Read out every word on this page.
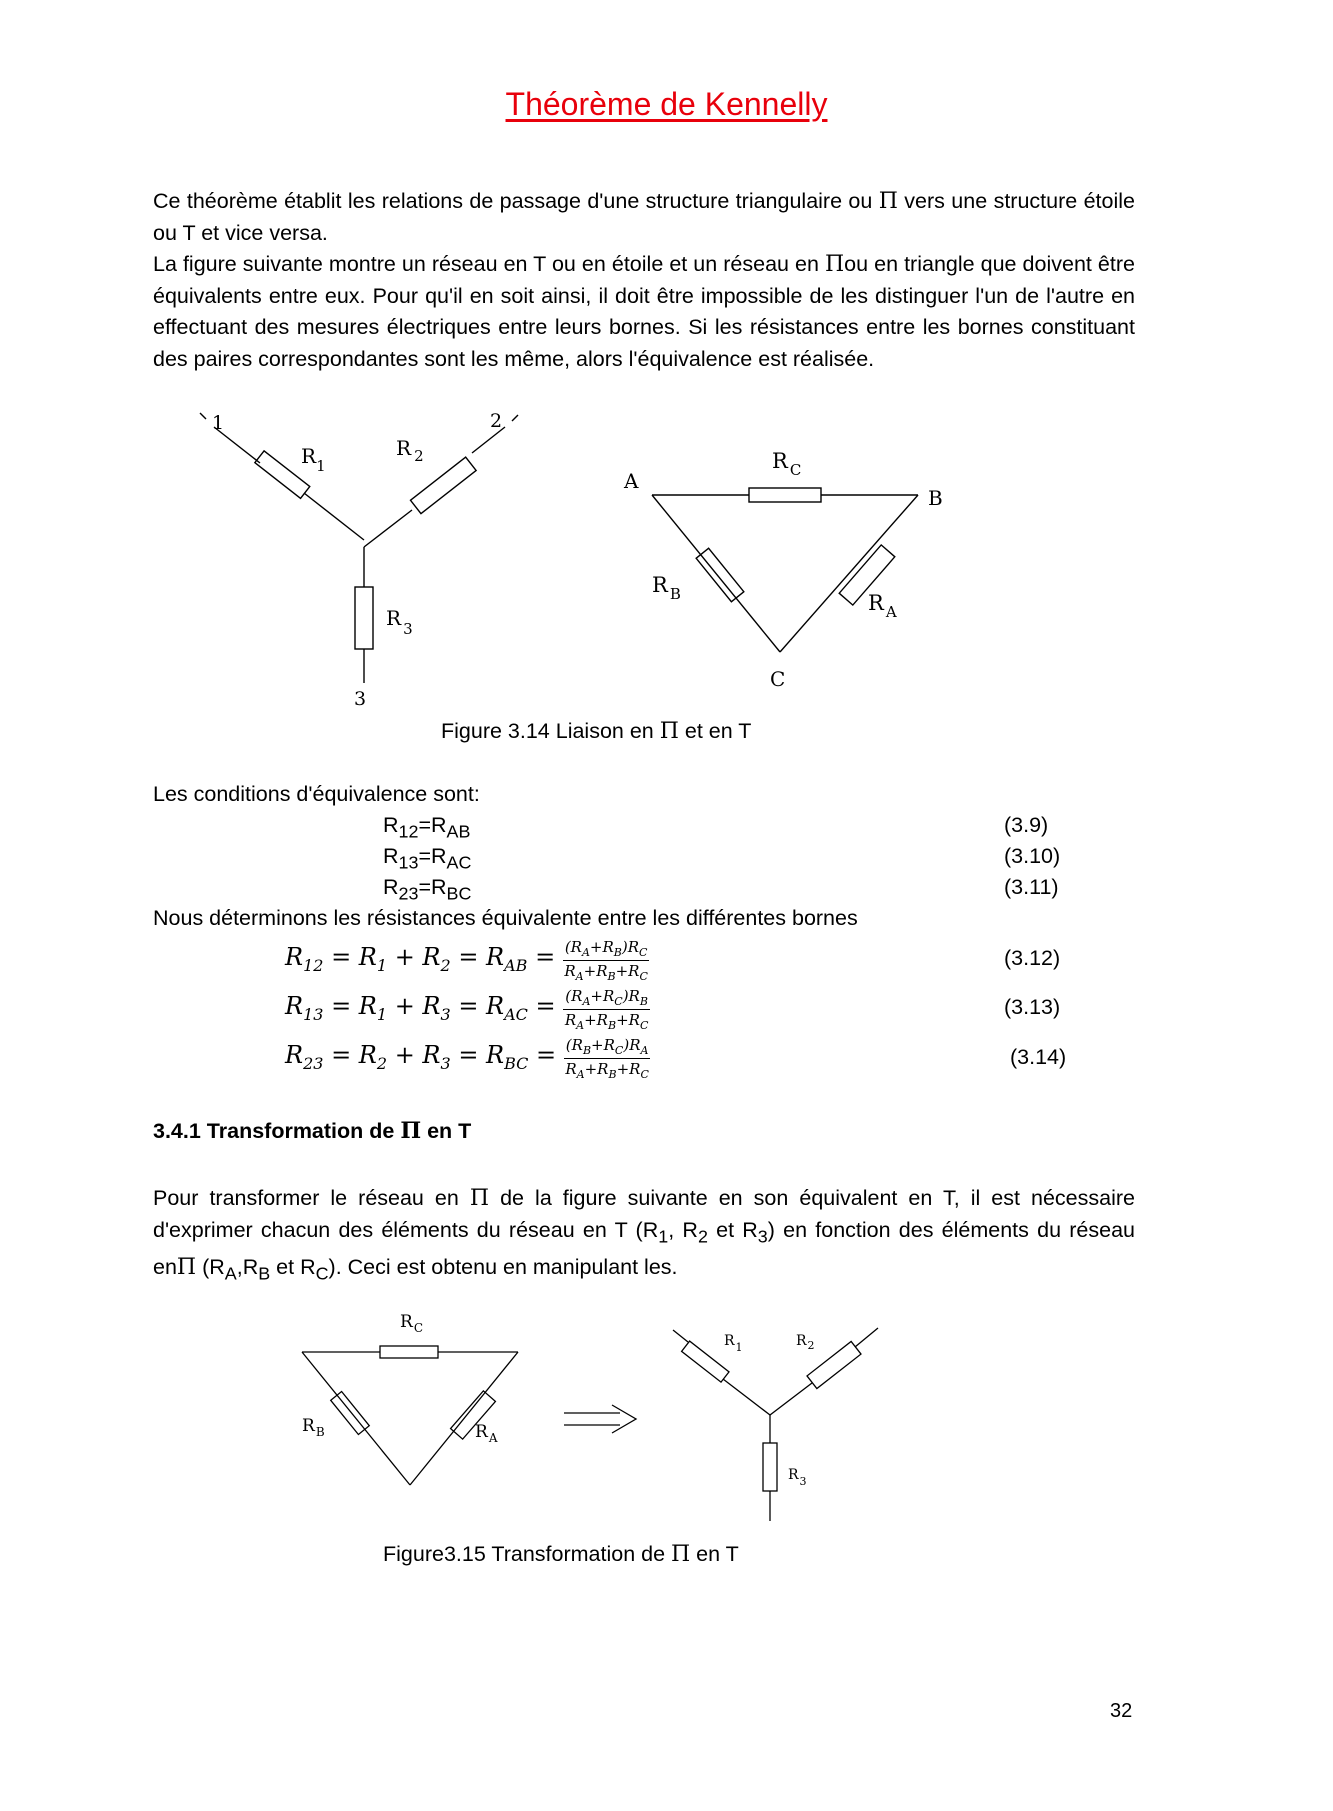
Théorème de Kennelly

Ce théorème établit les relations de passage d'une structure triangulaire ou Π vers une structure étoile ou T et vice versa.

La figure suivante montre un réseau en T ou en étoile et un réseau en Πou en triangle que doivent être équivalents entre eux. Pour qu'il en soit ainsi, il doit être impossible de les distinguer l'un de l'autre en effectuant des mesures électriques entre leurs bornes. Si les résistances entre les bornes constituant des paires correspondantes sont les même, alors l'équivalence est réalisée.

1	2
3
$R_1$
R $_2$
R $_3$
A
B
C
R $_C$
R $_B$	R $_A$
Figure 3.14 Liaison en Π et en T
Les conditions d'équivalence sont:
$R_{12}=R_{AB}$	(3.9)
$R_{13}=R_{AC}$	(3.10)
$R_{23}=R_{BC}$	(3.11)
Nous déterminons les résistances équivalente entre les différentes bornes
$R_{12} = R_1 + R_2 = R_{AB} = \frac{(R_A+R_B)R_C}{R_A+R_B+R_C}$	(3.12)
$R_{13} = R_1 + R_3 = R_{AC} = \frac{(R_A+R_C)R_B}{R_A+R_B+R_C}$	(3.13)
$R_{23} = R_2 + R_3 = R_{BC} = \frac{(R_B+R_C)R_A}{R_A+R_B+R_C}$	(3.14)
3.4.1 Transformation de Π en T

Pour transformer le réseau en Π de la figure suivante en son équivalent en T, il est nécessaire d'exprimer chacun des éléments du réseau en T ($R_1$, $R_2$ et $R_3$) en fonction des éléments du réseau enΠ ($R_A,R_B$ et $R_C$). Ceci est obtenu en manipulant les.

$R_C$
$R_B$	$R_A$
$R_1$	$R_2$
$R_3$
Figure3.15 Transformation de Π en T
32
